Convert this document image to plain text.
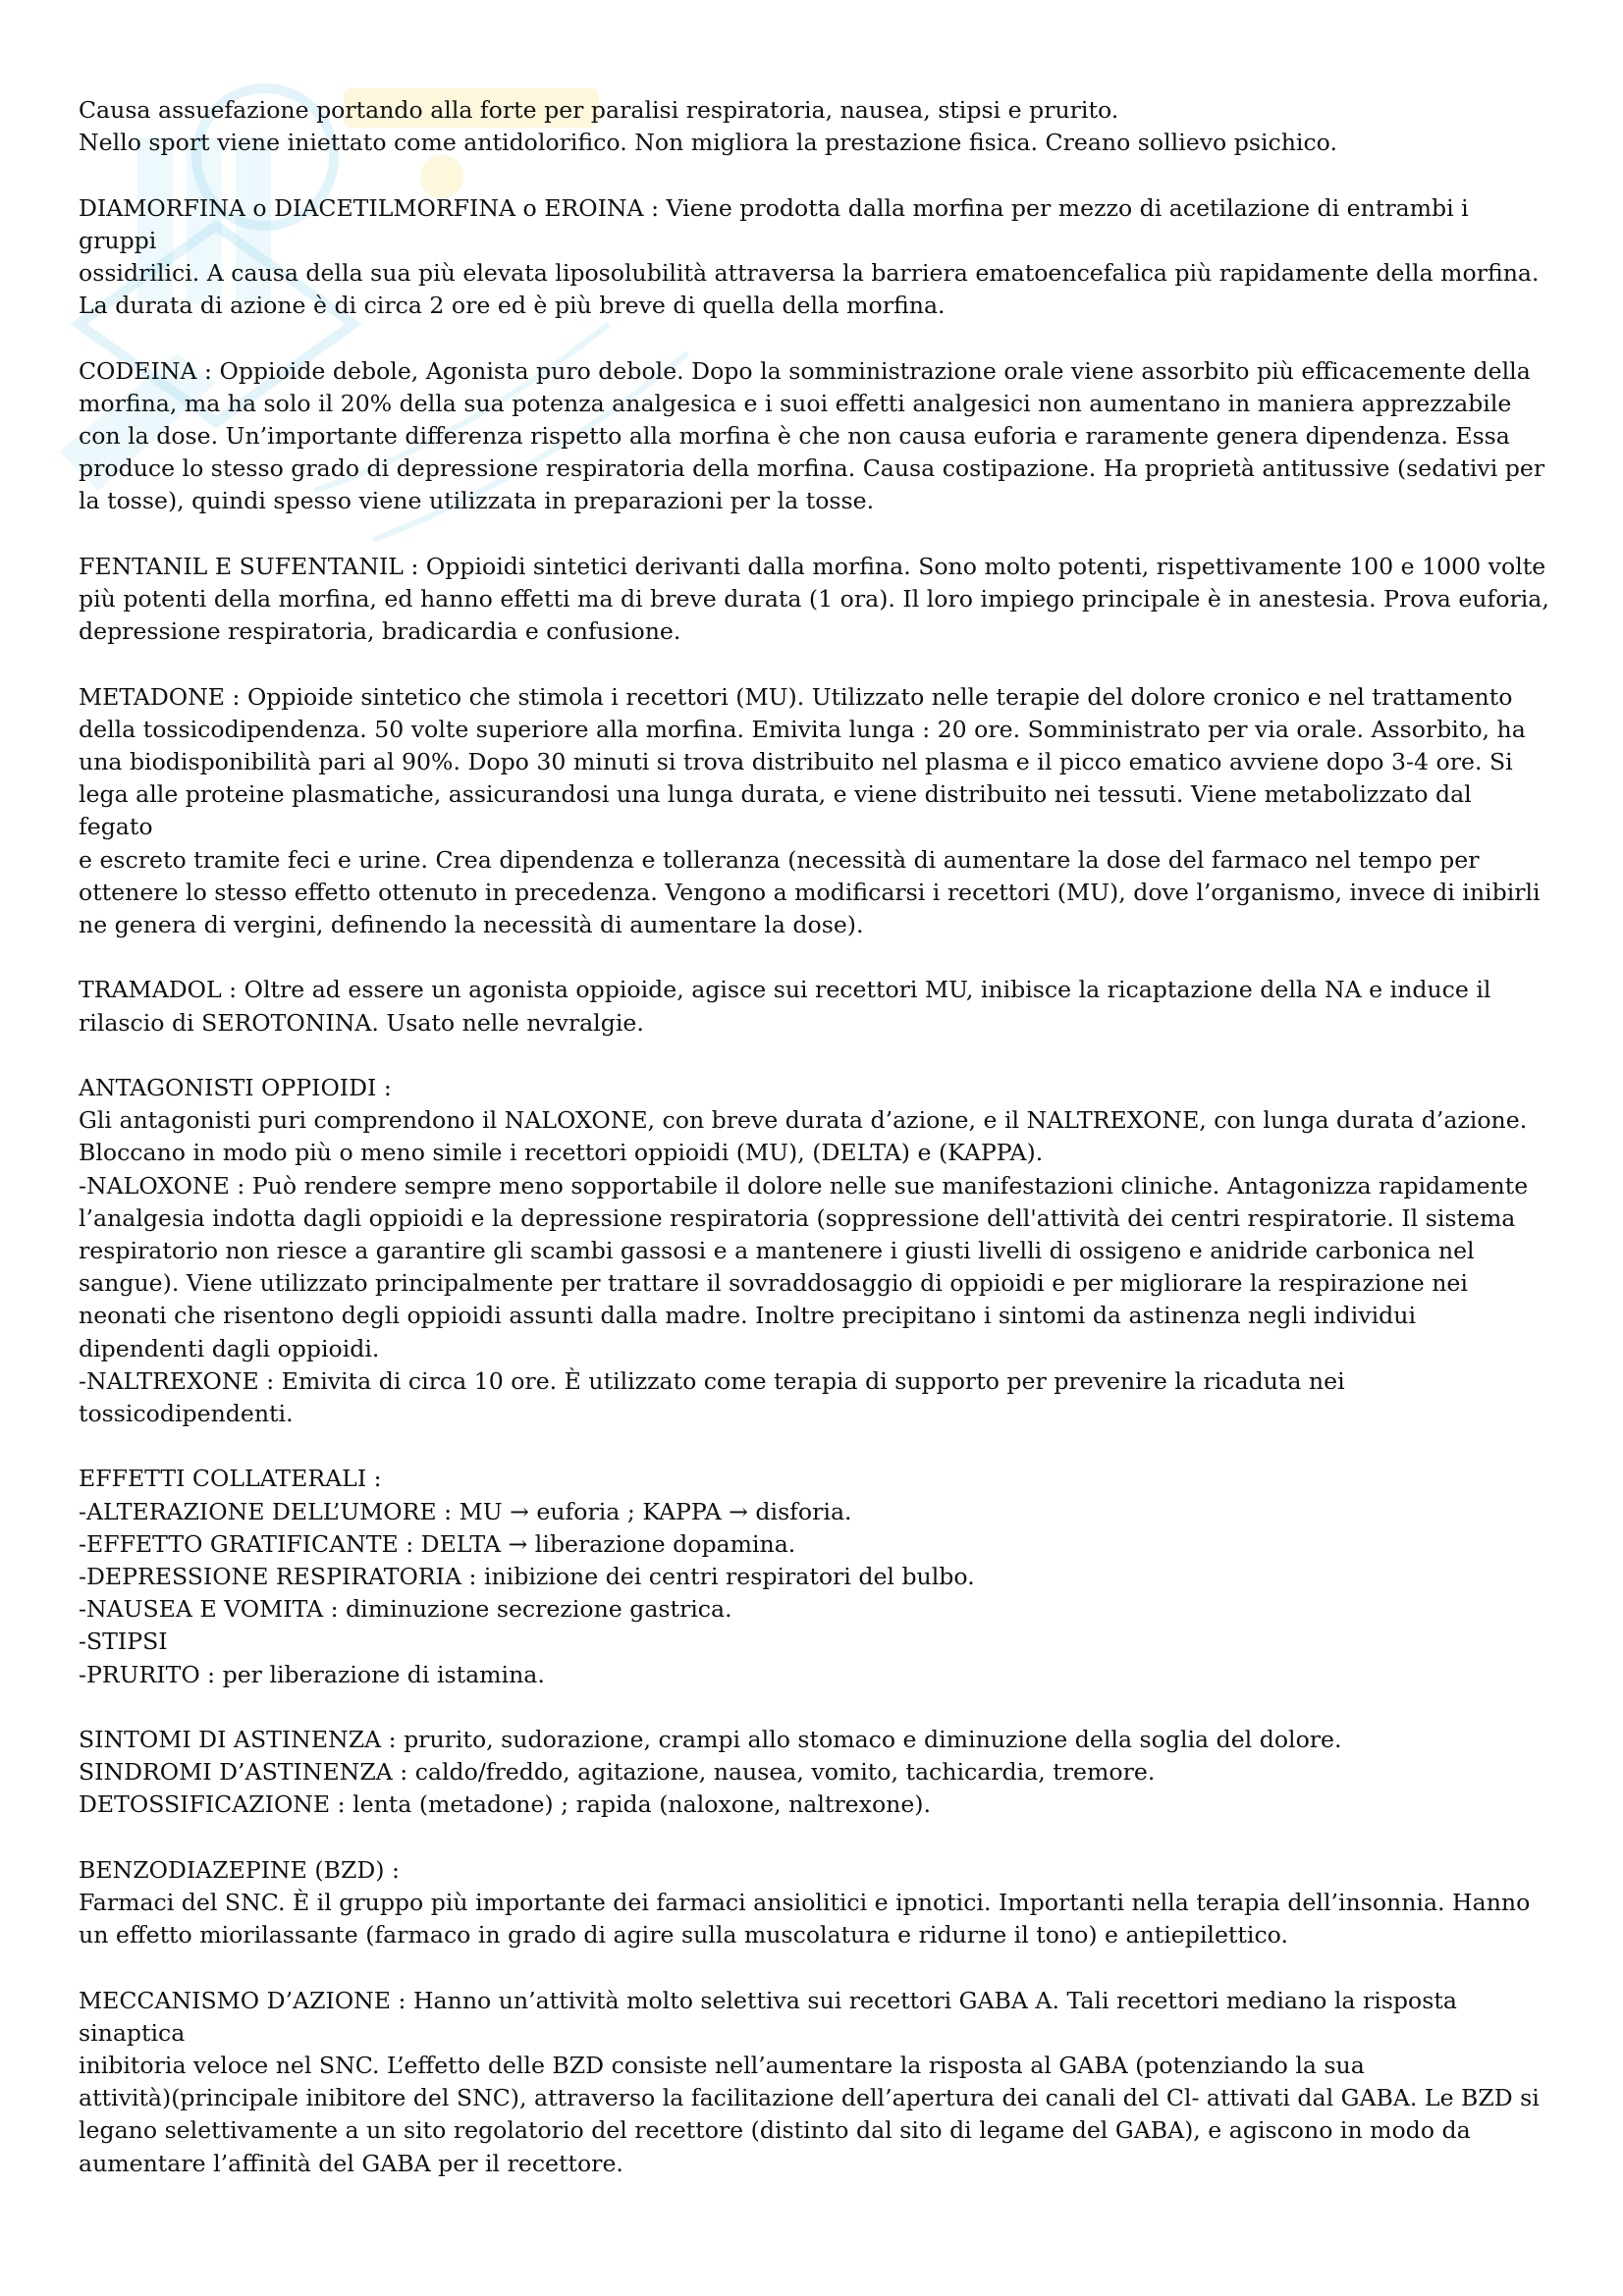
Causa assuefazione portando alla forte per paralisi respiratoria, nausea, stipsi e prurito.
Nello sport viene iniettato come antidolorifico. Non migliora la prestazione fisica. Creano sollievo psichico.

DIAMORFINA o DIACETILMORFINA o EROINA : Viene prodotta dalla morfina per mezzo di acetilazione di entrambi i gruppi
ossidrilici. A causa della sua più elevata liposolubilità attraversa la barriera ematoencefalica più rapidamente della morfina.
La durata di azione è di circa 2 ore ed è più breve di quella della morfina.

CODEINA : Oppioide debole, Agonista puro debole. Dopo la somministrazione orale viene assorbito più efficacemente della
morfina, ma ha solo il 20% della sua potenza analgesica e i suoi effetti analgesici non aumentano in maniera apprezzabile
con la dose. Un’importante differenza rispetto alla morfina è che non causa euforia e raramente genera dipendenza. Essa
produce lo stesso grado di depressione respiratoria della morfina. Causa costipazione. Ha proprietà antitussive (sedativi per
la tosse), quindi spesso viene utilizzata in preparazioni per la tosse.

FENTANIL E SUFENTANIL : Oppioidi sintetici derivanti dalla morfina. Sono molto potenti, rispettivamente 100 e 1000 volte
più potenti della morfina, ed hanno effetti ma di breve durata (1 ora). Il loro impiego principale è in anestesia. Prova euforia,
depressione respiratoria, bradicardia e confusione.

METADONE : Oppioide sintetico che stimola i recettori (MU). Utilizzato nelle terapie del dolore cronico e nel trattamento
della tossicodipendenza. 50 volte superiore alla morfina. Emivita lunga : 20 ore. Somministrato per via orale. Assorbito, ha
una biodisponibilità pari al 90%. Dopo 30 minuti si trova distribuito nel plasma e il picco ematico avviene dopo 3-4 ore. Si
lega alle proteine plasmatiche, assicurandosi una lunga durata, e viene distribuito nei tessuti. Viene metabolizzato dal fegato
e escreto tramite feci e urine. Crea dipendenza e tolleranza (necessità di aumentare la dose del farmaco nel tempo per
ottenere lo stesso effetto ottenuto in precedenza. Vengono a modificarsi i recettori (MU), dove l’organismo, invece di inibirli
ne genera di vergini, definendo la necessità di aumentare la dose).

TRAMADOL : Oltre ad essere un agonista oppioide, agisce sui recettori MU, inibisce la ricaptazione della NA e induce il
rilascio di SEROTONINA. Usato nelle nevralgie.

ANTAGONISTI OPPIOIDI :
Gli antagonisti puri comprendono il NALOXONE, con breve durata d’azione, e il NALTREXONE, con lunga durata d’azione.
Bloccano in modo più o meno simile i recettori oppioidi (MU), (DELTA) e (KAPPA).
-NALOXONE : Può rendere sempre meno sopportabile il dolore nelle sue manifestazioni cliniche. Antagonizza rapidamente
l’analgesia indotta dagli oppioidi e la depressione respiratoria (soppressione dell'attività dei centri respiratorie. Il sistema
respiratorio non riesce a garantire gli scambi gassosi e a mantenere i giusti livelli di ossigeno e anidride carbonica nel
sangue). Viene utilizzato principalmente per trattare il sovraddosaggio di oppioidi e per migliorare la respirazione nei
neonati che risentono degli oppioidi assunti dalla madre. Inoltre precipitano i sintomi da astinenza negli individui
dipendenti dagli oppioidi.
-NALTREXONE : Emivita di circa 10 ore. È utilizzato come terapia di supporto per prevenire la ricaduta nei
tossicodipendenti.

EFFETTI COLLATERALI :
-ALTERAZIONE DELL’UMORE : MU → euforia ; KAPPA → disforia.
-EFFETTO GRATIFICANTE : DELTA → liberazione dopamina.
-DEPRESSIONE RESPIRATORIA : inibizione dei centri respiratori del bulbo.
-NAUSEA E VOMITA : diminuzione secrezione gastrica.
-STIPSI
-PRURITO : per liberazione di istamina.

SINTOMI DI ASTINENZA : prurito, sudorazione, crampi allo stomaco e diminuzione della soglia del dolore.
SINDROMI D’ASTINENZA : caldo/freddo, agitazione, nausea, vomito, tachicardia, tremore.
DETOSSIFICAZIONE : lenta (metadone) ; rapida (naloxone, naltrexone).

BENZODIAZEPINE (BZD) :
Farmaci del SNC. È il gruppo più importante dei farmaci ansiolitici e ipnotici. Importanti nella terapia dell’insonnia. Hanno
un effetto miorilassante (farmaco in grado di agire sulla muscolatura e ridurne il tono) e antiepilettico.

MECCANISMO D’AZIONE : Hanno un’attività molto selettiva sui recettori GABA A. Tali recettori mediano la risposta sinaptica
inibitoria veloce nel SNC. L’effetto delle BZD consiste nell’aumentare la risposta al GABA (potenziando la sua
attività)(principale inibitore del SNC), attraverso la facilitazione dell’apertura dei canali del Cl- attivati dal GABA. Le BZD si
legano selettivamente a un sito regolatorio del recettore (distinto dal sito di legame del GABA), e agiscono in modo da
aumentare l’affinità del GABA per il recettore.
